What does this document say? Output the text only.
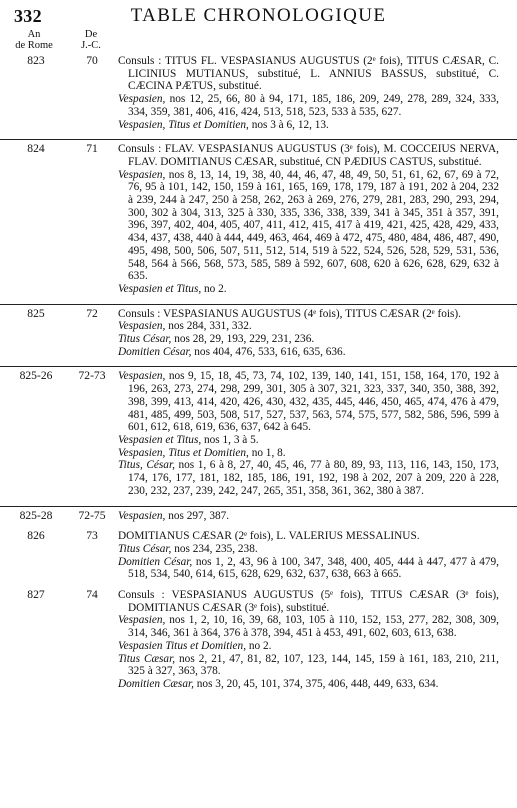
332	TABLE CHRONOLOGIQUE
An
de Rome
De
J.-C.
823	70	Consuls : TITUS FL. VESPASIANUS AUGUSTUS (2ᵉ fois), TITUS CÆSAR, C. LICINIUS MUTIANUS, substitué, L. ANNIUS BASSUS, substitué, C. CÆCINA PÆTUS, substitué.
Vespasien, nos 12, 25, 66, 80 à 94, 171, 185, 186, 209, 249, 278, 289, 324, 333, 334, 359, 381, 406, 416, 424, 513, 518, 523, 533 à 535, 627.
Vespasien, Titus et Domitien, nos 3 à 6, 12, 13.
824	71	Consuls : FLAV. VESPASIANUS AUGUSTUS (3ᵉ fois), M. COCCEIUS NERVA, FLAV. DOMITIANUS CÆSAR, substitué, CN PÆDIUS CASTUS, substitué.
Vespasien, nos 8, 13, 14, 19, 38, 40, 44, 46, 47, 48, 49, 50, 51, 61, 62, 67, 69 à 72, 76, 95 à 101, 142, 150, 159 à 161, 165, 169, 178, 179, 187 à 191, 202 à 204, 232 à 239, 244 à 247, 250 à 258, 262, 263 à 269, 276, 279, 281, 283, 290, 293, 294, 300, 302 à 304, 313, 325 à 330, 335, 336, 338, 339, 341 à 345, 351 à 357, 391, 396, 397, 402, 404, 405, 407, 411, 412, 415, 417 à 419, 421, 425, 428, 429, 433, 434, 437, 438, 440 à 444, 449, 463, 464, 469 à 472, 475, 480, 484, 486, 487, 490, 495, 498, 500, 506, 507, 511, 512, 514, 519 à 522, 524, 526, 528, 529, 531, 536, 548, 564 à 566, 568, 573, 585, 589 à 592, 607, 608, 620 à 626, 628, 629, 632 à 635.
Vespasien et Titus, no 2.
825	72	Consuls : VESPASIANUS AUGUSTUS (4ᵉ fois), TITUS CÆSAR (2ᵉ fois).
Vespasien, nos 284, 331, 332.
Titus César, nos 28, 29, 193, 229, 231, 236.
Domitien César, nos 404, 476, 533, 616, 635, 636.
825-26	72-73	Vespasien, nos 9, 15, 18, 45, 73, 74, 102, 139, 140, 141, 151, 158, 164, 170, 192 à 196, 263, 273, 274, 298, 299, 301, 305 à 307, 321, 323, 337, 340, 350, 388, 392, 398, 399, 413, 414, 420, 426, 430, 432, 435, 445, 446, 450, 465, 474, 476 à 479, 481, 485, 499, 503, 508, 517, 527, 537, 563, 574, 575, 577, 582, 586, 596, 599 à 601, 612, 618, 619, 636, 637, 642 à 645.
Vespasien et Titus, nos 1, 3 à 5.
Vespasien, Titus et Domitien, no 1, 8.
Titus, César, nos 1, 6 à 8, 27, 40, 45, 46, 77 à 80, 89, 93, 113, 116, 143, 150, 173, 174, 176, 177, 181, 182, 185, 186, 191, 192, 198 à 202, 207 à 209, 220 à 228, 230, 232, 237, 239, 242, 247, 265, 351, 358, 361, 362, 380 à 387.
825-28	72-75	Vespasien, nos 297, 387.
826	73	DOMITIANUS CÆSAR (2ᵉ fois), L. VALERIUS MESSALINUS.
Titus César, nos 234, 235, 238.
Domitien César, nos 1, 2, 43, 96 à 100, 347, 348, 400, 405, 444 à 447, 477 à 479, 518, 534, 540, 614, 615, 628, 629, 632, 637, 638, 663 à 665.
827	74	Consuls : VESPASIANUS AUGUSTUS (5ᵉ fois), TITUS CÆSAR (3ᵉ fois), DOMITIANUS CÆSAR (3ᵉ fois), substitué.
Vespasien, nos 1, 2, 10, 16, 39, 68, 103, 105 à 110, 152, 153, 277, 282, 308, 309, 314, 346, 361 à 364, 376 à 378, 394, 451 à 453, 491, 602, 603, 613, 638.
Vespasien Titus et Domitien, no 2.
Titus Cæsar, nos 2, 21, 47, 81, 82, 107, 123, 144, 145, 159 à 161, 183, 210, 211, 325 à 327, 363, 378.
Domitien Cæsar, nos 3, 20, 45, 101, 374, 375, 406, 448, 449, 633, 634.
